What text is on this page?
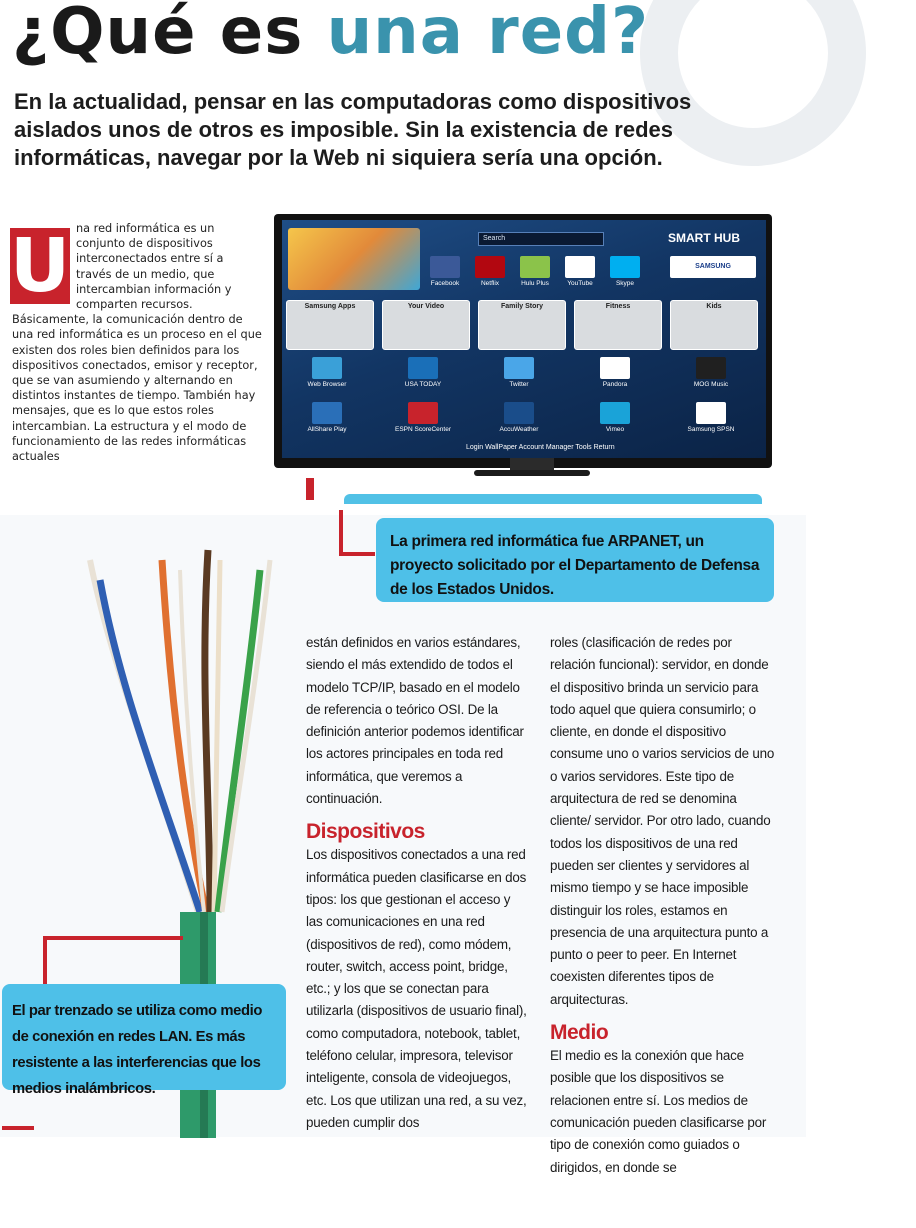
¿Qué es una red?
En la actualidad, pensar en las computadoras como dispositivos aislados unos de otros es imposible. Sin la existencia de redes informáticas, navegar por la Web ni siquiera sería una opción.
U na red informática es un conjunto de dispositivos interconectados entre sí a través de un medio, que intercambian información y comparten recursos. Básicamente, la comunicación dentro de una red informática es un proceso en el que existen dos roles bien definidos para los dispositivos conectados, emisor y receptor, que se van asumiendo y alternando en distintos instantes de tiempo. También hay mensajes, que es lo que estos roles intercambian. La estructura y el modo de funcionamiento de las redes informáticas actuales
Search	SMART HUB
SAMSUNG
Facebook	Netflix	Hulu Plus	YouTube	Skype
Samsung Apps	Your Video	Family Story	Fitness	Kids
Web Browser	USA TODAY	Twitter	Pandora	MOG Music
AllShare Play	ESPN ScoreCenter	AccuWeather	Vimeo	Samsung SPSN
Login WallPaper Account Manager Tools Return
La primera red informática fue ARPANET, un proyecto solicitado por el Departamento de Defensa de los Estados Unidos.
El par trenzado se utiliza como medio de conexión en redes LAN. Es más resistente a las interferencias que los medios inalámbricos.

están definidos en varios estándares, siendo el más extendido de todos el modelo TCP/IP, basado en el modelo de referencia o teórico OSI. De la definición anterior podemos identificar los actores principales en toda red informática, que veremos a continuación.

Dispositivos

Los dispositivos conectados a una red informática pueden clasificarse en dos tipos: los que gestionan el acceso y las comunicaciones en una red (dispositivos de red), como módem, router, switch, access point, bridge, etc.; y los que se conectan para utilizarla (dispositivos de usuario final), como computadora, notebook, tablet, teléfono celular, impresora, televisor inteligente, consola de videojuegos, etc. Los que utilizan una red, a su vez, pueden cumplir dos

roles (clasificación de redes por relación funcional): servidor, en donde el dispositivo brinda un servicio para todo aquel que quiera consumirlo; o cliente, en donde el dispositivo consume uno o varios servicios de uno o varios servidores. Este tipo de arquitectura de red se denomina cliente/ servidor. Por otro lado, cuando todos los dispositivos de una red pueden ser clientes y servidores al mismo tiempo y se hace imposible distinguir los roles, estamos en presencia de una arquitectura punto a punto o peer to peer. En Internet coexisten diferentes tipos de arquitecturas.

Medio

El medio es la conexión que hace posible que los dispositivos se relacionen entre sí. Los medios de comunicación pueden clasificarse por tipo de conexión como guiados o dirigidos, en donde se
